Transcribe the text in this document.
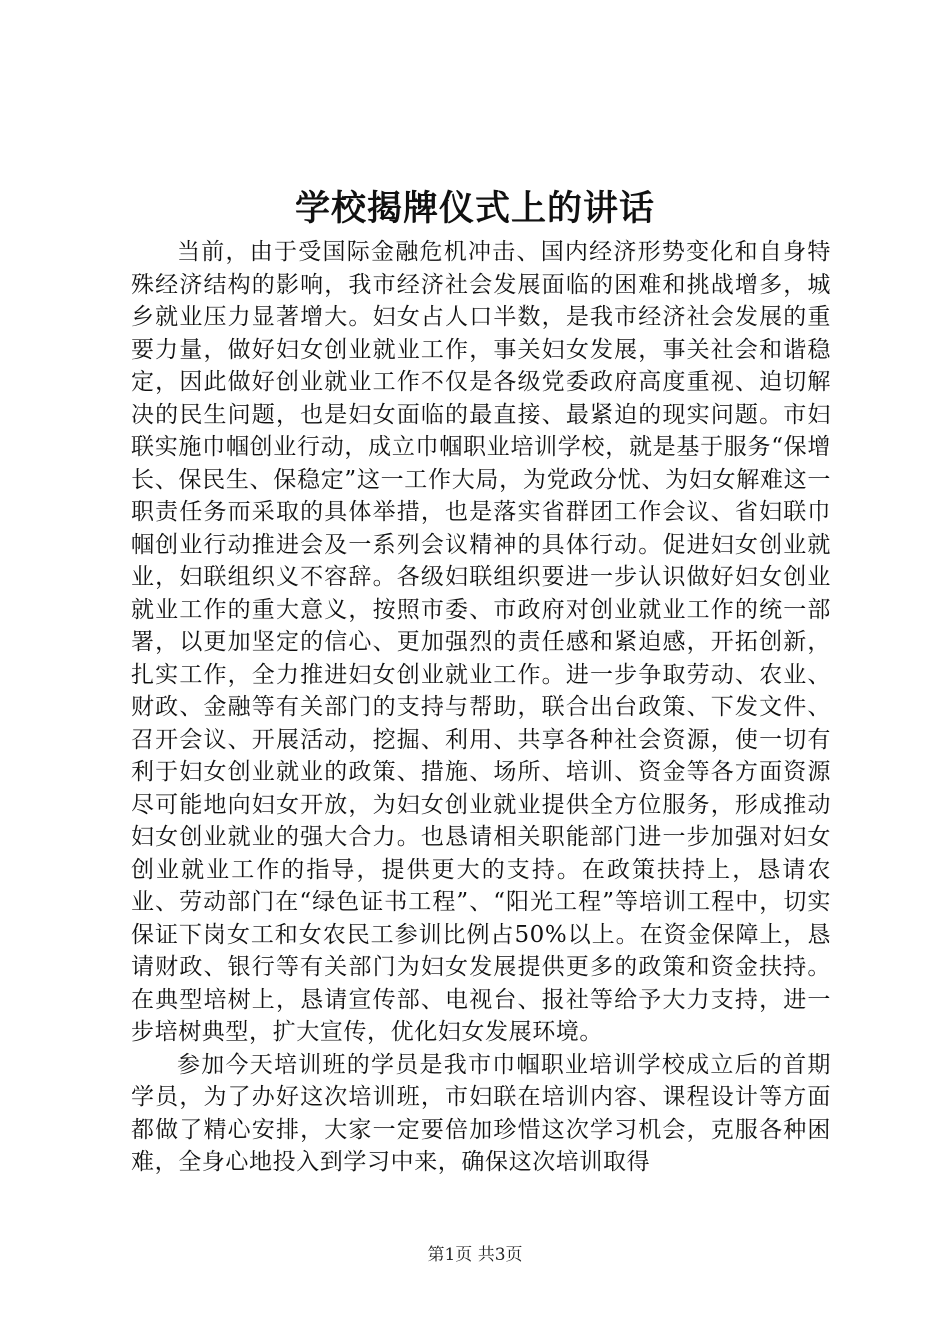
学校揭牌仪式上的讲话

当前，由于受国际金融危机冲击、国内经济形势变化和自身特殊经济结构的影响，我市经济社会发展面临的困难和挑战增多，城乡就业压力显著增大。妇女占人口半数，是我市经济社会发展的重要力量，做好妇女创业就业工作，事关妇女发展，事关社会和谐稳定，因此做好创业就业工作不仅是各级党委政府高度重视、迫切解决的民生问题，也是妇女面临的最直接、最紧迫的现实问题。市妇联实施巾帼创业行动，成立巾帼职业培训学校，就是基于服务“保增长、保民生、保稳定”这一工作大局，为党政分忧、为妇女解难这一职责任务而采取的具体举措，也是落实省群团工作会议、省妇联巾帼创业行动推进会及一系列会议精神的具体行动。促进妇女创业就业，妇联组织义不容辞。各级妇联组织要进一步认识做好妇女创业就业工作的重大意义，按照市委、市政府对创业就业工作的统一部署，以更加坚定的信心、更加强烈的责任感和紧迫感，开拓创新，扎实工作，全力推进妇女创业就业工作。进一步争取劳动、农业、财政、金融等有关部门的支持与帮助，联合出台政策、下发文件、召开会议、开展活动，挖掘、利用、共享各种社会资源，使一切有利于妇女创业就业的政策、措施、场所、培训、资金等各方面资源尽可能地向妇女开放，为妇女创业就业提供全方位服务，形成推动妇女创业就业的强大合力。也恳请相关职能部门进一步加强对妇女创业就业工作的指导，提供更大的支持。在政策扶持上，恳请农业、劳动部门在“绿色证书工程”、“阳光工程”等培训工程中，切实保证下岗女工和女农民工参训比例占50%以上。在资金保障上，恳请财政、银行等有关部门为妇女发展提供更多的政策和资金扶持。在典型培树上，恳请宣传部、电视台、报社等给予大力支持，进一步培树典型，扩大宣传，优化妇女发展环境。

参加今天培训班的学员是我市巾帼职业培训学校成立后的首期学员，为了办好这次培训班，市妇联在培训内容、课程设计等方面都做了精心安排，大家一定要倍加珍惜这次学习机会，克服各种困难，全身心地投入到学习中来，确保这次培训取得

第1页 共3页
